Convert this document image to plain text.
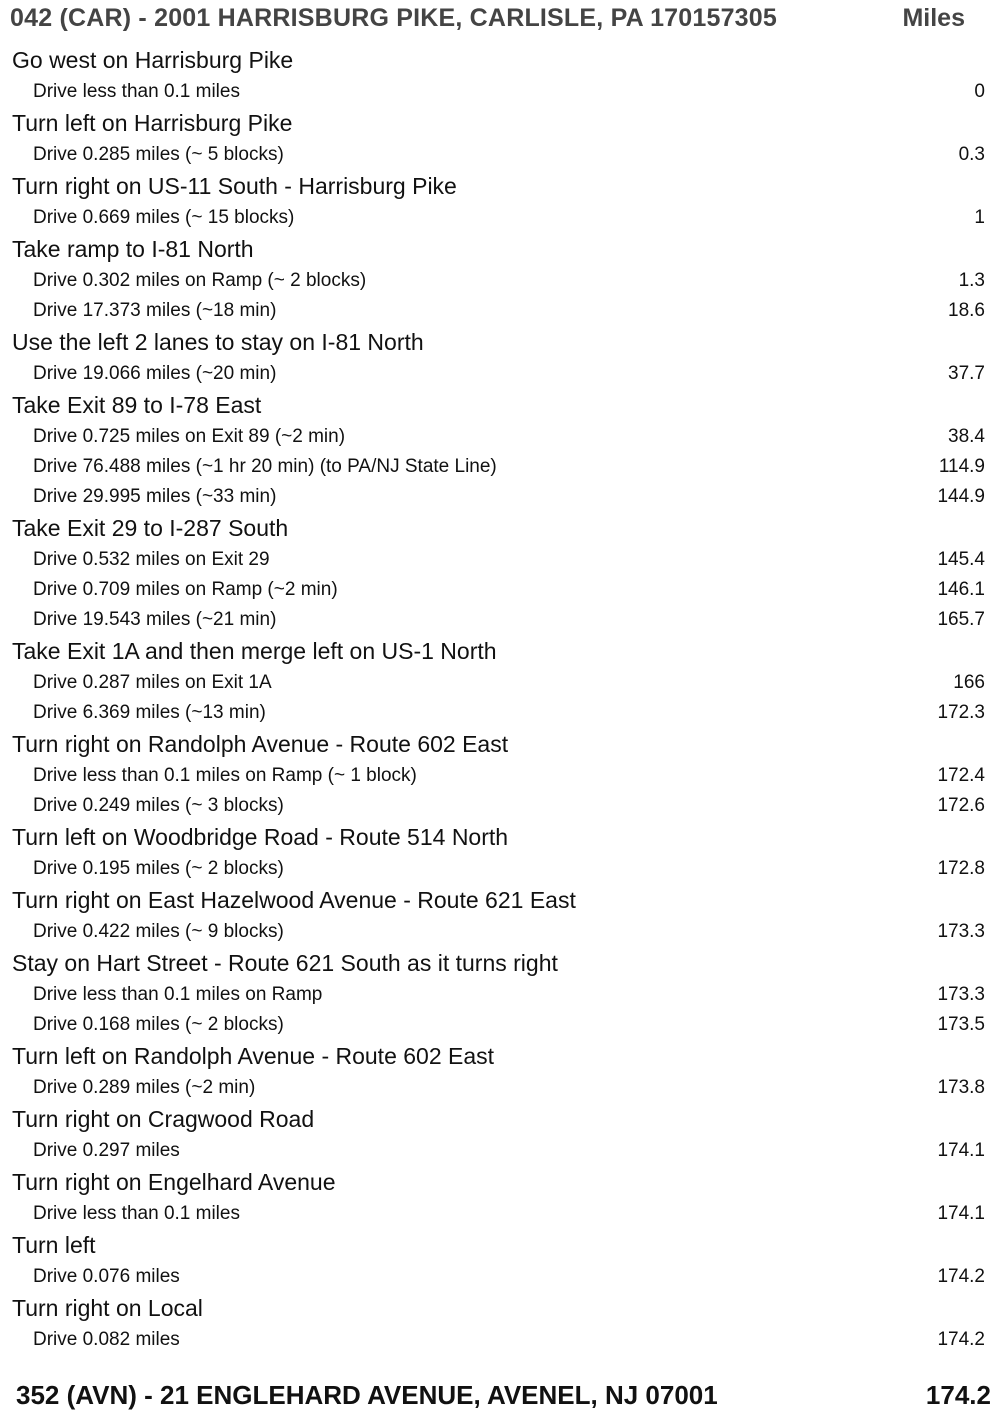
042 (CAR) - 2001 HARRISBURG PIKE, CARLISLE, PA 170157305	Miles
Go west on Harrisburg Pike
Drive less than 0.1 miles	0
Turn left on Harrisburg Pike
Drive 0.285 miles (~ 5 blocks)	0.3
Turn right on US-11 South - Harrisburg Pike
Drive 0.669 miles (~ 15 blocks)	1
Take ramp to I-81 North
Drive 0.302 miles on Ramp (~ 2 blocks)	1.3
Drive 17.373 miles (~18 min)	18.6
Use the left 2 lanes to stay on I-81 North
Drive 19.066 miles (~20 min)	37.7
Take Exit 89 to I-78 East
Drive 0.725 miles on Exit 89 (~2 min)	38.4
Drive 76.488 miles (~1 hr 20 min) (to PA/NJ State Line)	114.9
Drive 29.995 miles (~33 min)	144.9
Take Exit 29 to I-287 South
Drive 0.532 miles on Exit 29	145.4
Drive 0.709 miles on Ramp (~2 min)	146.1
Drive 19.543 miles (~21 min)	165.7
Take Exit 1A and then merge left on US-1 North
Drive 0.287 miles on Exit 1A	166
Drive 6.369 miles (~13 min)	172.3
Turn right on Randolph Avenue - Route 602 East
Drive less than 0.1 miles on Ramp (~ 1 block)	172.4
Drive 0.249 miles (~ 3 blocks)	172.6
Turn left on Woodbridge Road - Route 514 North
Drive 0.195 miles (~ 2 blocks)	172.8
Turn right on East Hazelwood Avenue - Route 621 East
Drive 0.422 miles (~ 9 blocks)	173.3
Stay on Hart Street - Route 621 South as it turns right
Drive less than 0.1 miles on Ramp	173.3
Drive 0.168 miles (~ 2 blocks)	173.5
Turn left on Randolph Avenue - Route 602 East
Drive 0.289 miles (~2 min)	173.8
Turn right on Cragwood Road
Drive 0.297 miles	174.1
Turn right on Engelhard Avenue
Drive less than 0.1 miles	174.1
Turn left
Drive 0.076 miles	174.2
Turn right on Local
Drive 0.082 miles	174.2
352 (AVN) - 21 ENGLEHARD AVENUE, AVENEL, NJ 07001	174.2
